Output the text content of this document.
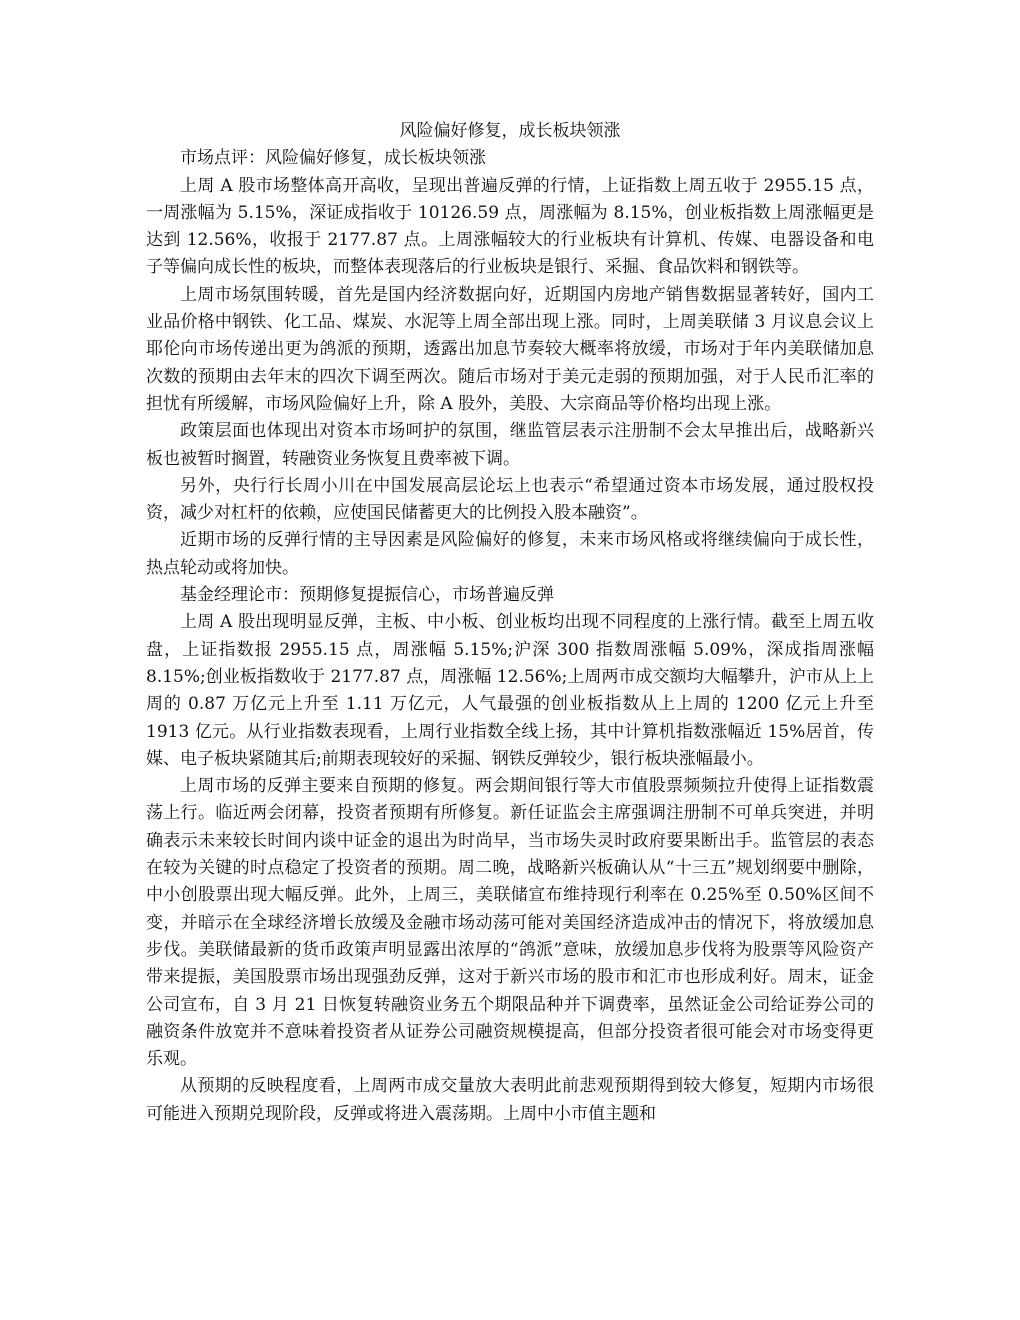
风险偏好修复，成长板块领涨

市场点评：风险偏好修复，成长板块领涨

上周 A 股市场整体高开高收，呈现出普遍反弹的行情，上证指数上周五收于 2955.15 点，一周涨幅为 5.15%，深证成指收于 10126.59 点，周涨幅为 8.15%，创业板指数上周涨幅更是达到 12.56%，收报于 2177.87 点。上周涨幅较大的行业板块有计算机、传媒、电器设备和电子等偏向成长性的板块，而整体表现落后的行业板块是银行、采掘、食品饮料和钢铁等。

上周市场氛围转暖，首先是国内经济数据向好，近期国内房地产销售数据显著转好，国内工业品价格中钢铁、化工品、煤炭、水泥等上周全部出现上涨。同时，上周美联储 3 月议息会议上耶伦向市场传递出更为鸽派的预期，透露出加息节奏较大概率将放缓，市场对于年内美联储加息次数的预期由去年末的四次下调至两次。随后市场对于美元走弱的预期加强，对于人民币汇率的担忧有所缓解，市场风险偏好上升，除 A 股外，美股、大宗商品等价格均出现上涨。

政策层面也体现出对资本市场呵护的氛围，继监管层表示注册制不会太早推出后，战略新兴板也被暂时搁置，转融资业务恢复且费率被下调。

另外，央行行长周小川在中国发展高层论坛上也表示“希望通过资本市场发展，通过股权投资，减少对杠杆的依赖，应使国民储蓄更大的比例投入股本融资”。

近期市场的反弹行情的主导因素是风险偏好的修复，未来市场风格或将继续偏向于成长性，热点轮动或将加快。

基金经理论市：预期修复提振信心，市场普遍反弹

上周 A 股出现明显反弹，主板、中小板、创业板均出现不同程度的上涨行情。截至上周五收盘，上证指数报 2955.15 点，周涨幅 5.15%;沪深 300 指数周涨幅 5.09%，深成指周涨幅 8.15%;创业板指数收于 2177.87 点，周涨幅 12.56%;上周两市成交额均大幅攀升，沪市从上上周的 0.87 万亿元上升至 1.11 万亿元，人气最强的创业板指数从上上周的 1200 亿元上升至 1913 亿元。从行业指数表现看，上周行业指数全线上扬，其中计算机指数涨幅近 15%居首，传媒、电子板块紧随其后;前期表现较好的采掘、钢铁反弹较少，银行板块涨幅最小。

上周市场的反弹主要来自预期的修复。两会期间银行等大市值股票频频拉升使得上证指数震荡上行。临近两会闭幕，投资者预期有所修复。新任证监会主席强调注册制不可单兵突进，并明确表示未来较长时间内谈中证金的退出为时尚早，当市场失灵时政府要果断出手。监管层的表态在较为关键的时点稳定了投资者的预期。周二晚，战略新兴板确认从“十三五”规划纲要中删除，中小创股票出现大幅反弹。此外，上周三，美联储宣布维持现行利率在 0.25%至 0.50%区间不变，并暗示在全球经济增长放缓及金融市场动荡可能对美国经济造成冲击的情况下，将放缓加息步伐。美联储最新的货币政策声明显露出浓厚的“鸽派”意味，放缓加息步伐将为股票等风险资产带来提振，美国股票市场出现强劲反弹，这对于新兴市场的股市和汇市也形成利好。周末，证金公司宣布，自 3 月 21 日恢复转融资业务五个期限品种并下调费率，虽然证金公司给证券公司的融资条件放宽并不意味着投资者从证券公司融资规模提高，但部分投资者很可能会对市场变得更乐观。

从预期的反映程度看，上周两市成交量放大表明此前悲观预期得到较大修复，短期内市场很可能进入预期兑现阶段，反弹或将进入震荡期。上周中小市值主题和
